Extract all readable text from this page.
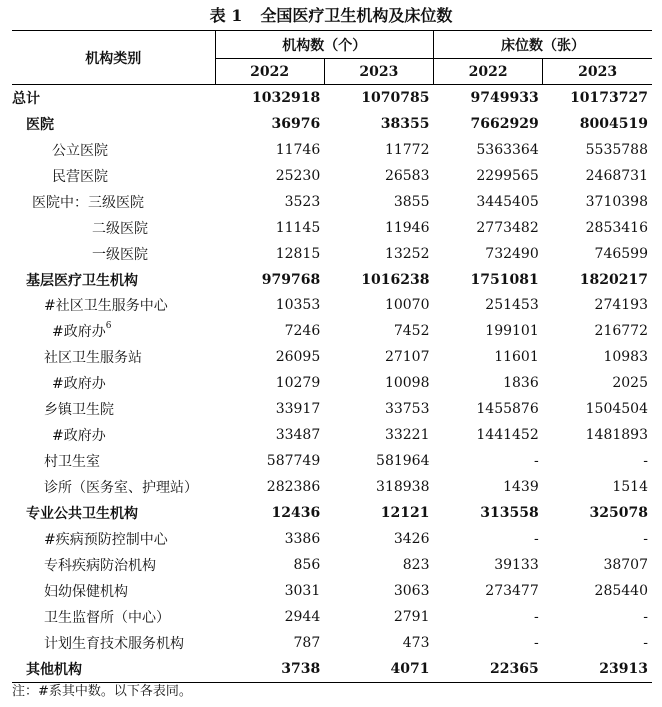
表 1 全国医疗卫生机构及床位数
机构类别	机构数（个）		床位数（张）	
	2022	2023	2022	2023
总计	1032918	1070785	9749933	10173727
医院	36976	38355	7662929	8004519
公立医院	11746	11772	5363364	5535788
民营医院	25230	26583	2299565	2468731
医院中：三级医院	3523	3855	3445405	3710398
二级医院	11145	11946	2773482	2853416
一级医院	12815	13252	732490	746599
基层医疗卫生机构	979768	1016238	1751081	1820217
#社区卫生服务中心	10353	10070	251453	274193
#政府办$^6$	7246	7452	199101	216772
社区卫生服务站	26095	27107	11601	10983
#政府办	10279	10098	1836	2025
乡镇卫生院	33917	33753	1455876	1504504
#政府办	33487	33221	1441452	1481893
村卫生室	587749	581964	-	-
诊所（医务室、护理站）	282386	318938	1439	1514
专业公共卫生机构	12436	12121	313558	325078
#疾病预防控制中心	3386	3426	-	-
专科疾病防治机构	856	823	39133	38707
妇幼保健机构	3031	3063	273477	285440
卫生监督所（中心）	2944	2791	-	-
计划生育技术服务机构	787	473	-	-
其他机构	3738	4071	22365	23913
注：#系其中数。以下各表同。
